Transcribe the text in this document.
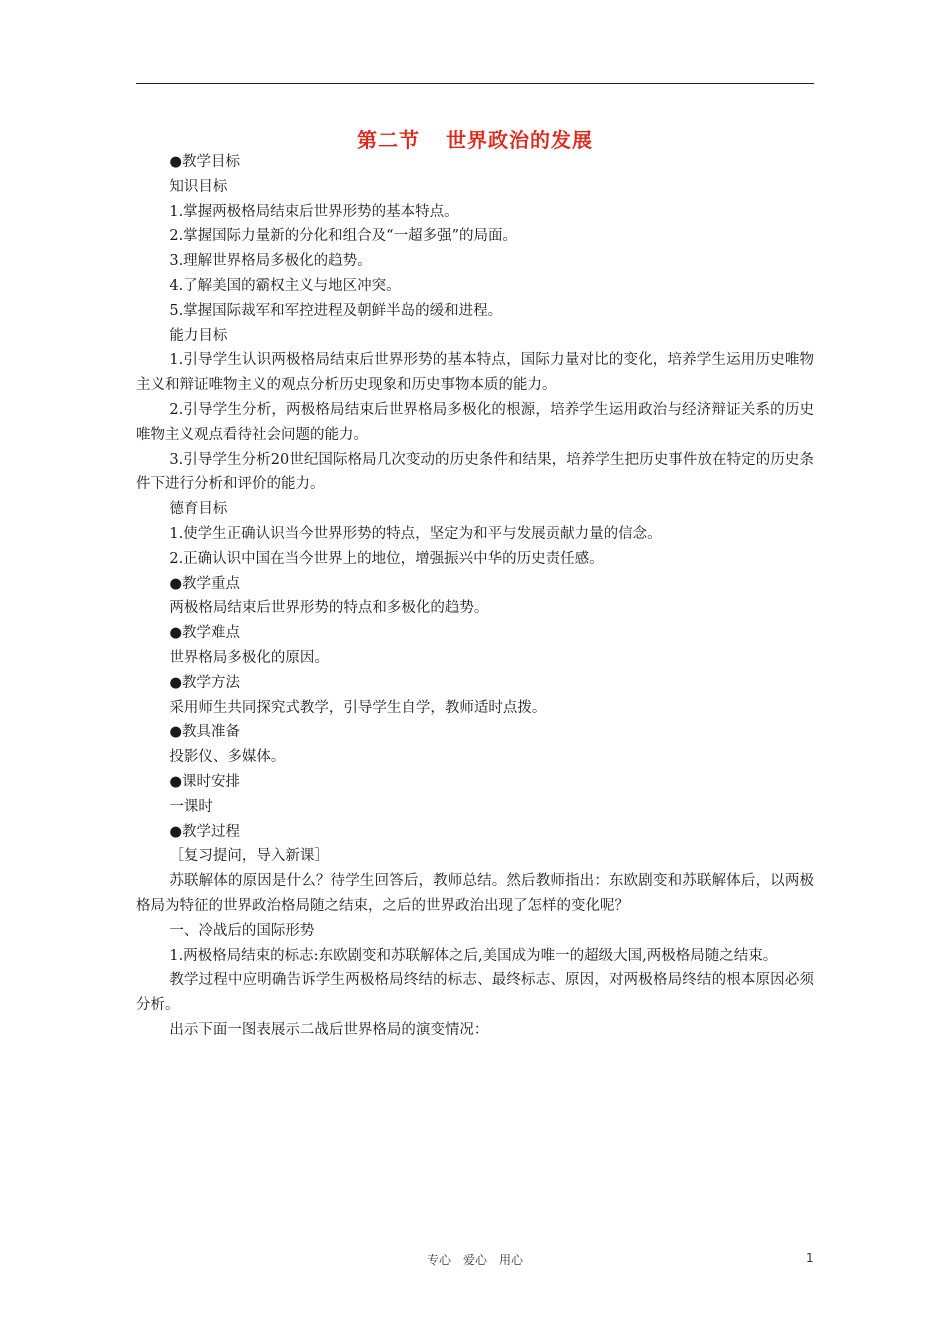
第二节 世界政治的发展

●教学目标

知识目标

1.掌握两极格局结束后世界形势的基本特点。

2.掌握国际力量新的分化和组合及“一超多强”的局面。

3.理解世界格局多极化的趋势。

4.了解美国的霸权主义与地区冲突。

5.掌握国际裁军和军控进程及朝鲜半岛的缓和进程。

能力目标

1.引导学生认识两极格局结束后世界形势的基本特点，国际力量对比的变化，培养学生运用历史唯物主义和辩证唯物主义的观点分析历史现象和历史事物本质的能力。

2.引导学生分析，两极格局结束后世界格局多极化的根源，培养学生运用政治与经济辩证关系的历史唯物主义观点看待社会问题的能力。

3.引导学生分析20世纪国际格局几次变动的历史条件和结果，培养学生把历史事件放在特定的历史条件下进行分析和评价的能力。

德育目标

1.使学生正确认识当今世界形势的特点，坚定为和平与发展贡献力量的信念。

2.正确认识中国在当今世界上的地位，增强振兴中华的历史责任感。

●教学重点

两极格局结束后世界形势的特点和多极化的趋势。

●教学难点

世界格局多极化的原因。

●教学方法

采用师生共同探究式教学，引导学生自学，教师适时点拨。

●教具准备

投影仪、多媒体。

●课时安排

一课时

●教学过程

［复习提问，导入新课］

苏联解体的原因是什么？待学生回答后，教师总结。然后教师指出：东欧剧变和苏联解体后，以两极格局为特征的世界政治格局随之结束，之后的世界政治出现了怎样的变化呢？

一、冷战后的国际形势

1.两极格局结束的标志:东欧剧变和苏联解体之后,美国成为唯一的超级大国,两极格局随之结束。

教学过程中应明确告诉学生两极格局终结的标志、最终标志、原因，对两极格局终结的根本原因必须分析。

出示下面一图表展示二战后世界格局的演变情况：

专心　爱心　用心	1
